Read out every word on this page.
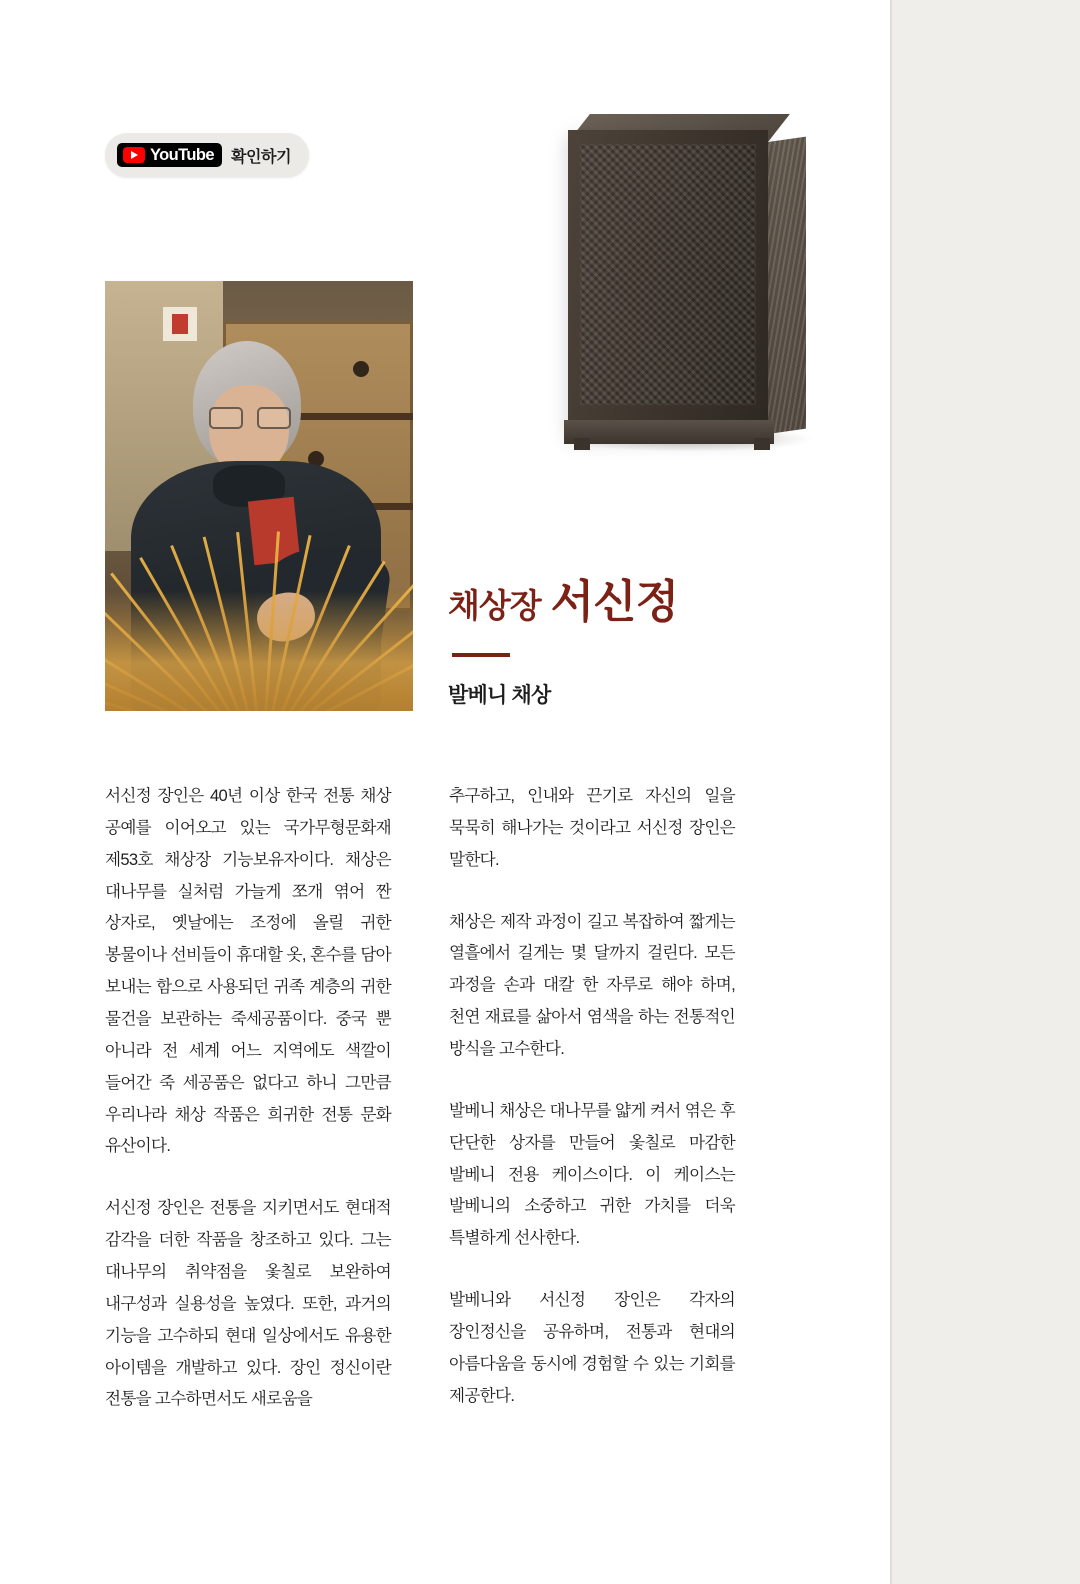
YouTube 확인하기
채상장 서신정
발베니 채상

서신정 장인은 40년 이상 한국 전통 채상 공예를 이어오고 있는 국가무형문화재 제53호 채상장 기능보유자이다. 채상은 대나무를 실처럼 가늘게 쪼개 엮어 짠 상자로, 옛날에는 조정에 올릴 귀한 봉물이나 선비들이 휴대할 옷, 혼수를 담아 보내는 함으로 사용되던 귀족 계층의 귀한 물건을 보관하는 죽세공품이다. 중국 뿐 아니라 전 세계 어느 지역에도 색깔이 들어간 죽 세공품은 없다고 하니 그만큼 우리나라 채상 작품은 희귀한 전통 문화 유산이다.

서신정 장인은 전통을 지키면서도 현대적 감각을 더한 작품을 창조하고 있다. 그는 대나무의 취약점을 옻칠로 보완하여 내구성과 실용성을 높였다. 또한, 과거의 기능을 고수하되 현대 일상에서도 유용한 아이템을 개발하고 있다. 장인 정신이란 전통을 고수하면서도 새로움을

추구하고, 인내와 끈기로 자신의 일을 묵묵히 해나가는 것이라고 서신정 장인은 말한다.

채상은 제작 과정이 길고 복잡하여 짧게는 열흘에서 길게는 몇 달까지 걸린다. 모든 과정을 손과 대칼 한 자루로 해야 하며, 천연 재료를 삶아서 염색을 하는 전통적인 방식을 고수한다.

발베니 채상은 대나무를 얇게 켜서 엮은 후 단단한 상자를 만들어 옻칠로 마감한 발베니 전용 케이스이다. 이 케이스는 발베니의 소중하고 귀한 가치를 더욱 특별하게 선사한다.

발베니와 서신정 장인은 각자의 장인정신을 공유하며, 전통과 현대의 아름다움을 동시에 경험할 수 있는 기회를 제공한다.
